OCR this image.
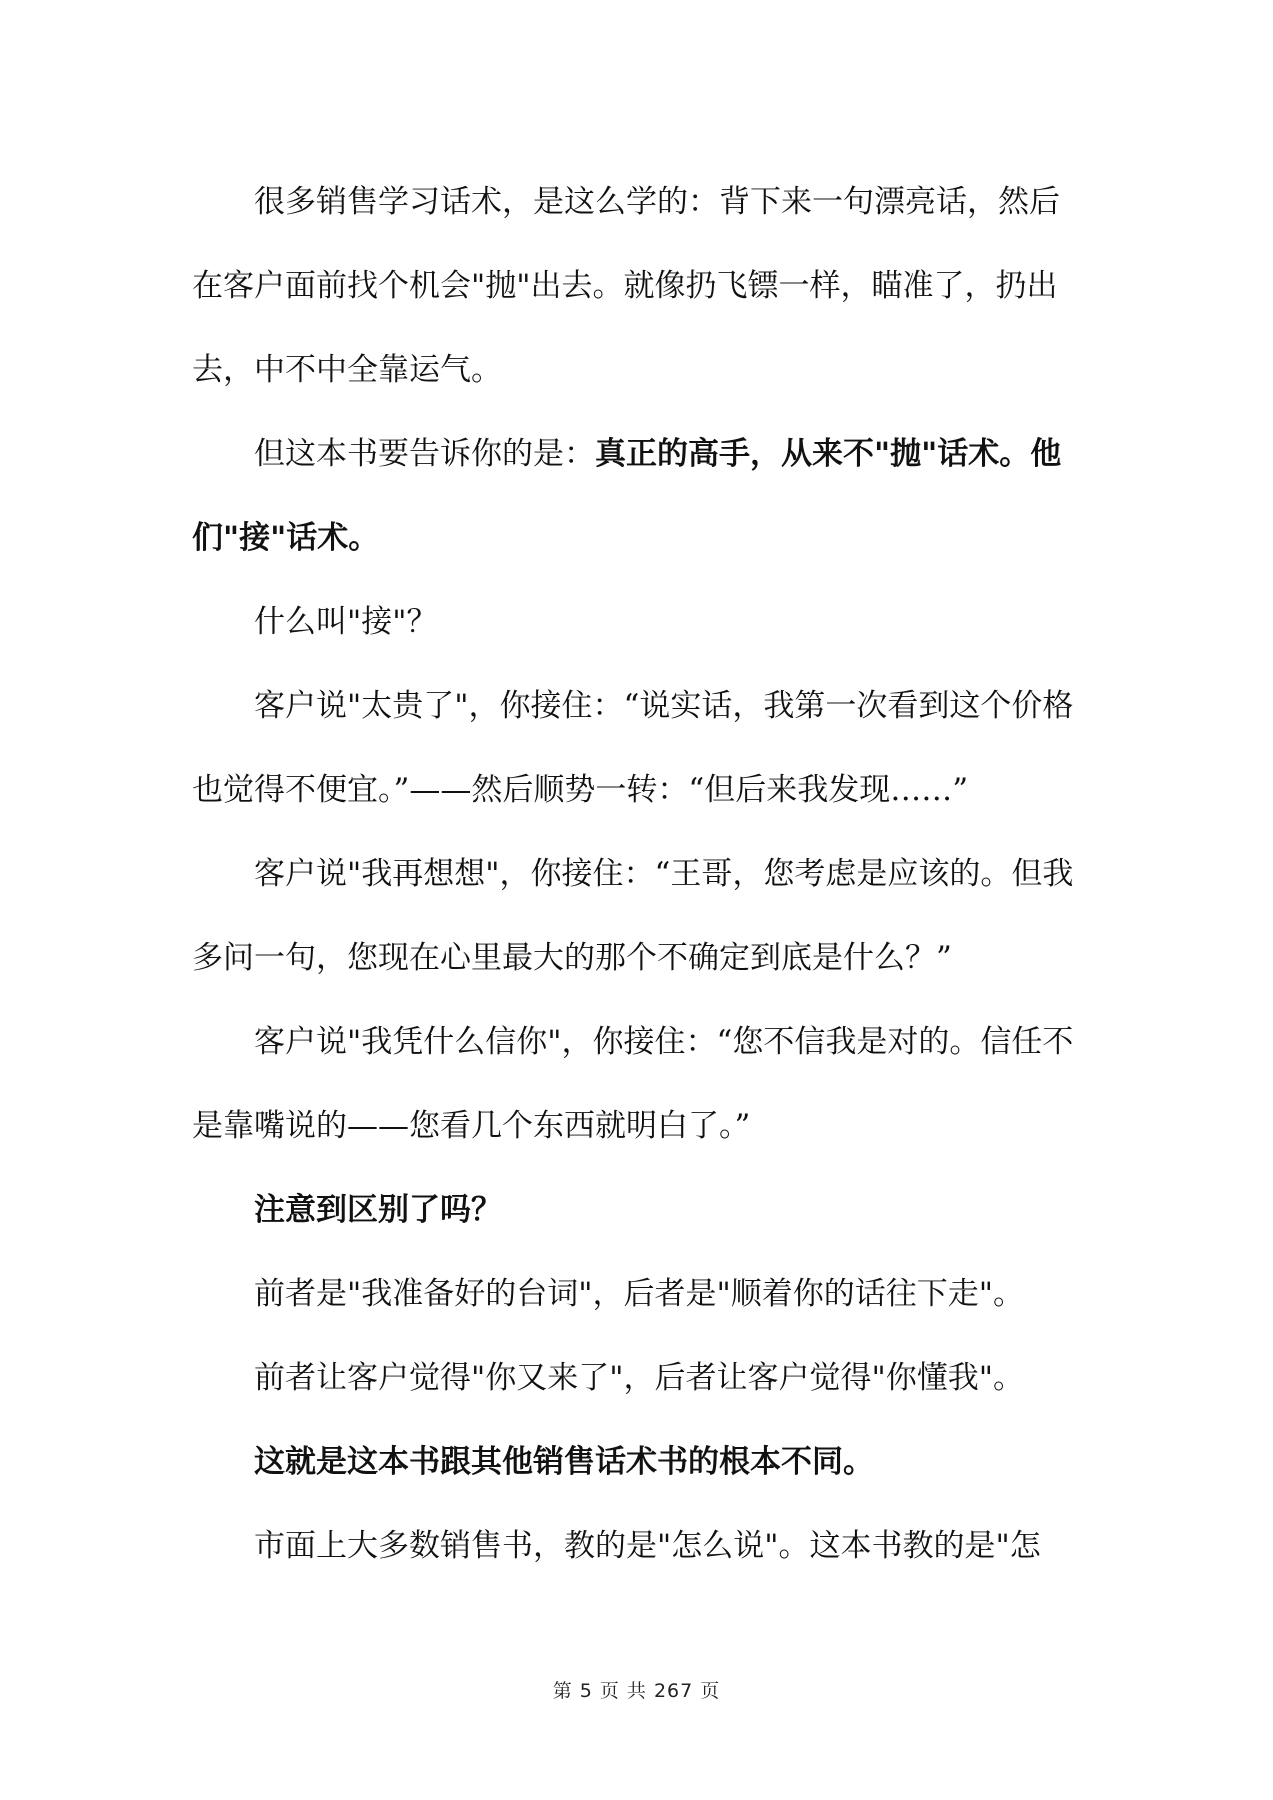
很多销售学习话术，是这么学的：背下来一句漂亮话，然后在客户面前找个机会"抛"出去。就像扔飞镖一样，瞄准了，扔出去，中不中全靠运气。

但这本书要告诉你的是：真正的高手，从来不"抛"话术。他们"接"话术。

什么叫"接"？

客户说"太贵了"，你接住：“说实话，我第一次看到这个价格也觉得不便宜。”——然后顺势一转：“但后来我发现……”

客户说"我再想想"，你接住：“王哥，您考虑是应该的。但我多问一句，您现在心里最大的那个不确定到底是什么？”

客户说"我凭什么信你"，你接住：“您不信我是对的。信任不是靠嘴说的——您看几个东西就明白了。”

注意到区别了吗？

前者是"我准备好的台词"，后者是"顺着你的话往下走"。

前者让客户觉得"你又来了"，后者让客户觉得"你懂我"。

这就是这本书跟其他销售话术书的根本不同。

市面上大多数销售书，教的是"怎么说"。这本书教的是"怎

第 5 页 共 267 页
